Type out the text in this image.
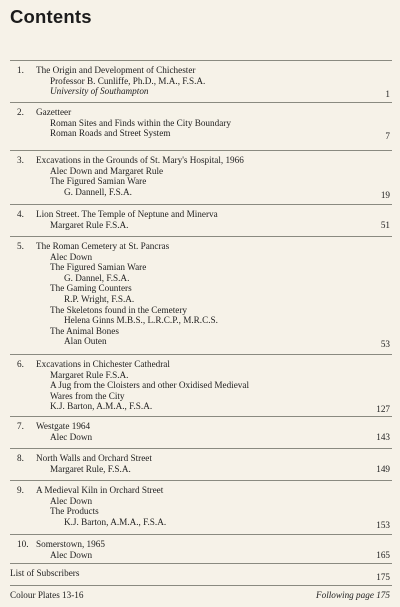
Contents
1.	The Origin and Development of Chichester
Professor B. Cunliffe, Ph.D., M.A., F.S.A.
University of Southampton	1
2.	Gazetteer
Roman Sites and Finds within the City Boundary
Roman Roads and Street System	7
3.	Excavations in the Grounds of St. Mary's Hospital, 1966
Alec Down and Margaret Rule
The Figured Samian Ware
G. Dannell, F.S.A.	19
4.	Lion Street. The Temple of Neptune and Minerva
Margaret Rule F.S.A.	51
5.	The Roman Cemetery at St. Pancras
Alec Down
The Figured Samian Ware
G. Dannel, F.S.A.
The Gaming Counters
R.P. Wright, F.S.A.
The Skeletons found in the Cemetery
Helena Ginns M.B.S., L.R.C.P., M.R.C.S.
The Animal Bones
Alan Outen	53
6.	Excavations in Chichester Cathedral
Margaret Rule F.S.A.
A Jug from the Cloisters and other Oxidised Medieval
Wares from the City
K.J. Barton, A.M.A., F.S.A.	127
7.	Westgate 1964
Alec Down	143
8.	North Walls and Orchard Street
Margaret Rule, F.S.A.	149
9.	A Medieval Kiln in Orchard Street
Alec Down
The Products
K.J. Barton, A.M.A., F.S.A.	153
10. Somerstown, 1965
Alec Down	165
List of Subscribers	175
Colour Plates 13-16	Following page 175
